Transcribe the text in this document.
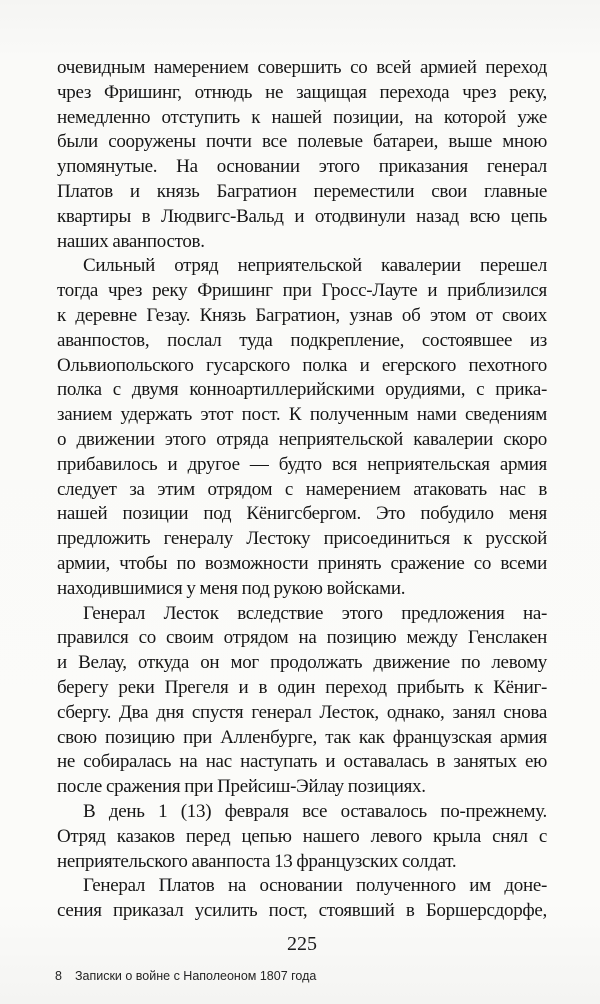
очевидным намерением совершить со всей армией переход
чрез Фришинг, отнюдь не защищая перехода чрез реку,
немедленно отступить к нашей позиции, на которой уже
были сооружены почти все полевые батареи, выше мною
упомянутые. На основании этого приказания генерал
Платов и князь Багратион переместили свои главные
квартиры в Людвигс-Вальд и отодвинули назад всю цепь
наших аванпостов.
Сильный отряд неприятельской кавалерии перешел
тогда чрез реку Фришинг при Гросс-Лауте и приблизился
к деревне Гезау. Князь Багратион, узнав об этом от своих
аванпостов, послал туда подкрепление, состоявшее из
Ольвиопольского гусарского полка и егерского пехотного
полка с двумя конноартиллерийскими орудиями, с прика-
занием удержать этот пост. К полученным нами сведениям
о движении этого отряда неприятельской кавалерии скоро
прибавилось и другое — будто вся неприятельская армия
следует за этим отрядом с намерением атаковать нас в
нашей позиции под Кёнигсбергом. Это побудило меня
предложить генералу Лестоку присоединиться к русской
армии, чтобы по возможности принять сражение со всеми
находившимися у меня под рукою войсками.
Генерал Лесток вследствие этого предложения на-
правился со своим отрядом на позицию между Генслакен
и Велау, откуда он мог продолжать движение по левому
берегу реки Прегеля и в один переход прибыть к Кёниг-
сбергу. Два дня спустя генерал Лесток, однако, занял снова
свою позицию при Алленбурге, так как французская армия
не собиралась на нас наступать и оставалась в занятых ею
после сражения при Прейсиш-Эйлау позициях.
В день 1 (13) февраля все оставалось по-прежнему.
Отряд казаков перед цепью нашего левого крыла снял с
неприятельского аванпоста 13 французских солдат.
Генерал Платов на основании полученного им доне-
сения приказал усилить пост, стоявший в Боршерсдорфе,
225
8 Записки о войне с Наполеоном 1807 года
